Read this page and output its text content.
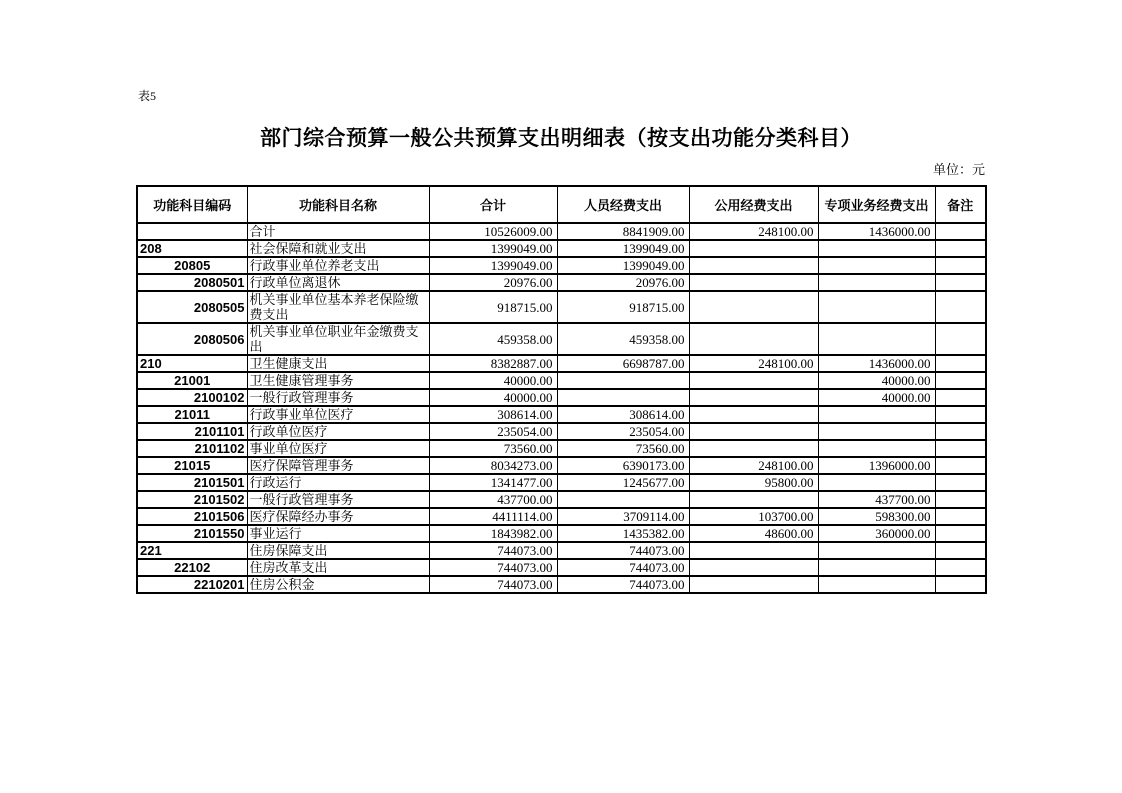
表5
部门综合预算一般公共预算支出明细表（按支出功能分类科目）
单位：元
功能科目编码	功能科目名称	合计	人员经费支出	公用经费支出	专项业务经费支出	备注
	合计	10526009.00	8841909.00	248100.00	1436000.00	
208	社会保障和就业支出	1399049.00	1399049.00			
20805	行政事业单位养老支出	1399049.00	1399049.00			
2080501	行政单位离退休	20976.00	20976.00			
2080505	机关事业单位基本养老保险缴费支出	918715.00	918715.00			
2080506	机关事业单位职业年金缴费支出	459358.00	459358.00			
210	卫生健康支出	8382887.00	6698787.00	248100.00	1436000.00	
21001	卫生健康管理事务	40000.00			40000.00	
2100102	一般行政管理事务	40000.00			40000.00	
21011	行政事业单位医疗	308614.00	308614.00			
2101101	行政单位医疗	235054.00	235054.00			
2101102	事业单位医疗	73560.00	73560.00			
21015	医疗保障管理事务	8034273.00	6390173.00	248100.00	1396000.00	
2101501	行政运行	1341477.00	1245677.00	95800.00		
2101502	一般行政管理事务	437700.00			437700.00	
2101506	医疗保障经办事务	4411114.00	3709114.00	103700.00	598300.00	
2101550	事业运行	1843982.00	1435382.00	48600.00	360000.00	
221	住房保障支出	744073.00	744073.00			
22102	住房改革支出	744073.00	744073.00			
2210201	住房公积金	744073.00	744073.00			
